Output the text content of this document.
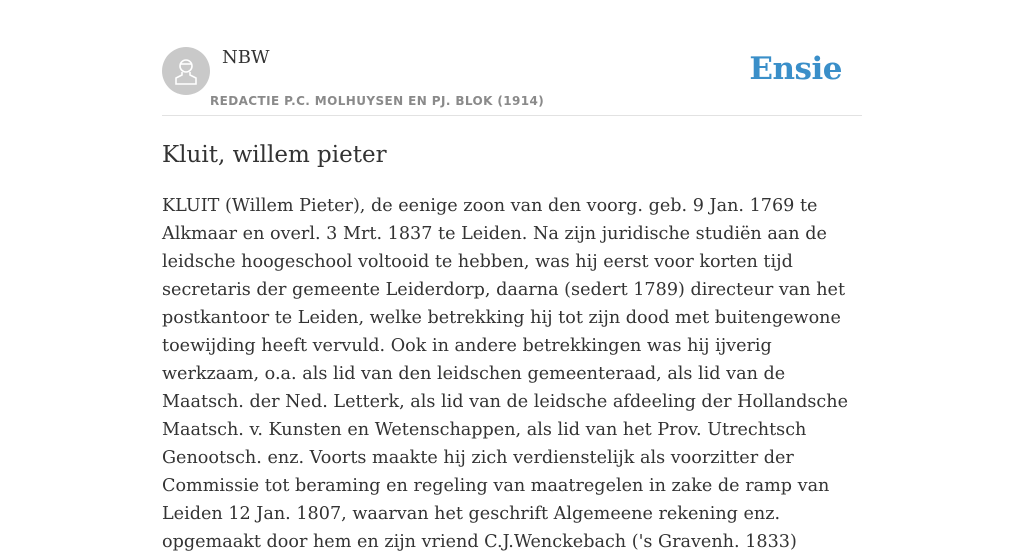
NBW
REDACTIE P.C. MOLHUYSEN EN PJ. BLOK (1914)
Ensie
Kluit, willem pieter

KLUIT (Willem Pieter), de eenige zoon van den voorg. geb. 9 Jan. 1769 te Alkmaar en overl. 3 Mrt. 1837 te Leiden. Na zijn juridische studiën aan de leidsche hoogeschool voltooid te hebben, was hij eerst voor korten tijd secretaris der gemeente Leiderdorp, daarna (sedert 1789) directeur van het postkantoor te Leiden, welke betrekking hij tot zijn dood met buitengewone toewijding heeft vervuld. Ook in andere betrekkingen was hij ijverig werkzaam, o.a. als lid van den leidschen gemeenteraad, als lid van de Maatsch. der Ned. Letterk, als lid van de leidsche afdeeling der Hollandsche Maatsch. v. Kunsten en Wetenschappen, als lid van het Prov. Utrechtsch Genootsch. enz. Voorts maakte hij zich verdienstelijk als voorzitter der Commissie tot beraming en regeling van maatregelen in zake de ramp van Leiden 12 Jan. 1807, waarvan het geschrift Algemeene rekening enz. opgemaakt door hem en zijn vriend C.J.Wenckebach ('s Gravenh. 1833)
